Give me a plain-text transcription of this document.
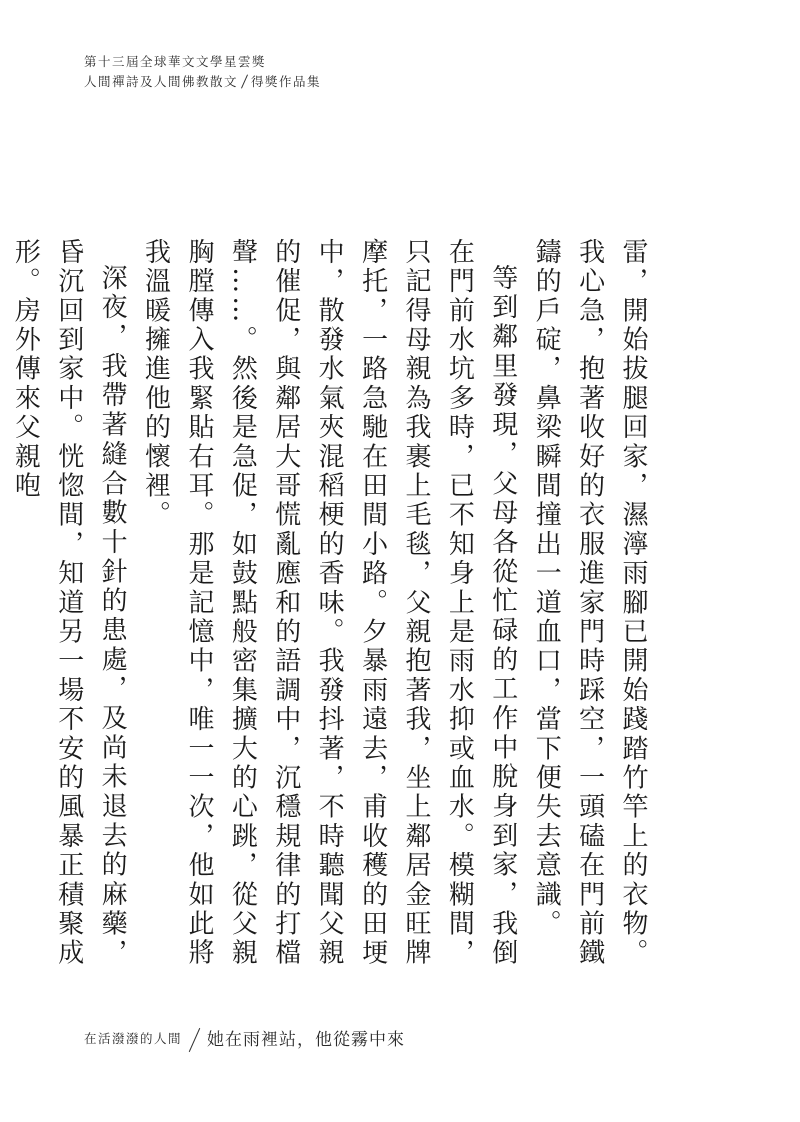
第十三屆全球華文文學星雲獎
人間禪詩及人間佛教散文 得獎作品集

雷，開始拔腿回家，濕濘雨腳已開始踐踏竹竿上的衣物。我心急，抱著收好的衣服進家門時踩空，一頭磕在門前鐵鑄的戶碇，鼻梁瞬間撞出一道血口，當下便失去意識。

等到鄰里發現，父母各從忙碌的工作中脫身到家，我倒在門前水坑多時，已不知身上是雨水抑或血水。模糊間，只記得母親為我裹上毛毯，父親抱著我，坐上鄰居金旺牌摩托，一路急馳在田間小路。夕暴雨遠去，甫收穫的田埂中，散發水氣夾混稻梗的香味。我發抖著，不時聽聞父親的催促，與鄰居大哥慌亂應和的語調中，沉穩規律的打檔聲……。然後是急促，如鼓點般密集擴大的心跳，從父親胸膛傳入我緊貼右耳。那是記憶中，唯一一次，他如此將我溫暖擁進他的懷裡。

深夜，我帶著縫合數十針的患處，及尚未退去的麻藥，昏沉回到家中。恍惚間，知道另一場不安的風暴正積聚成形。房外傳來父親咆

在活潑潑的人間 她在雨裡站，他從霧中來
